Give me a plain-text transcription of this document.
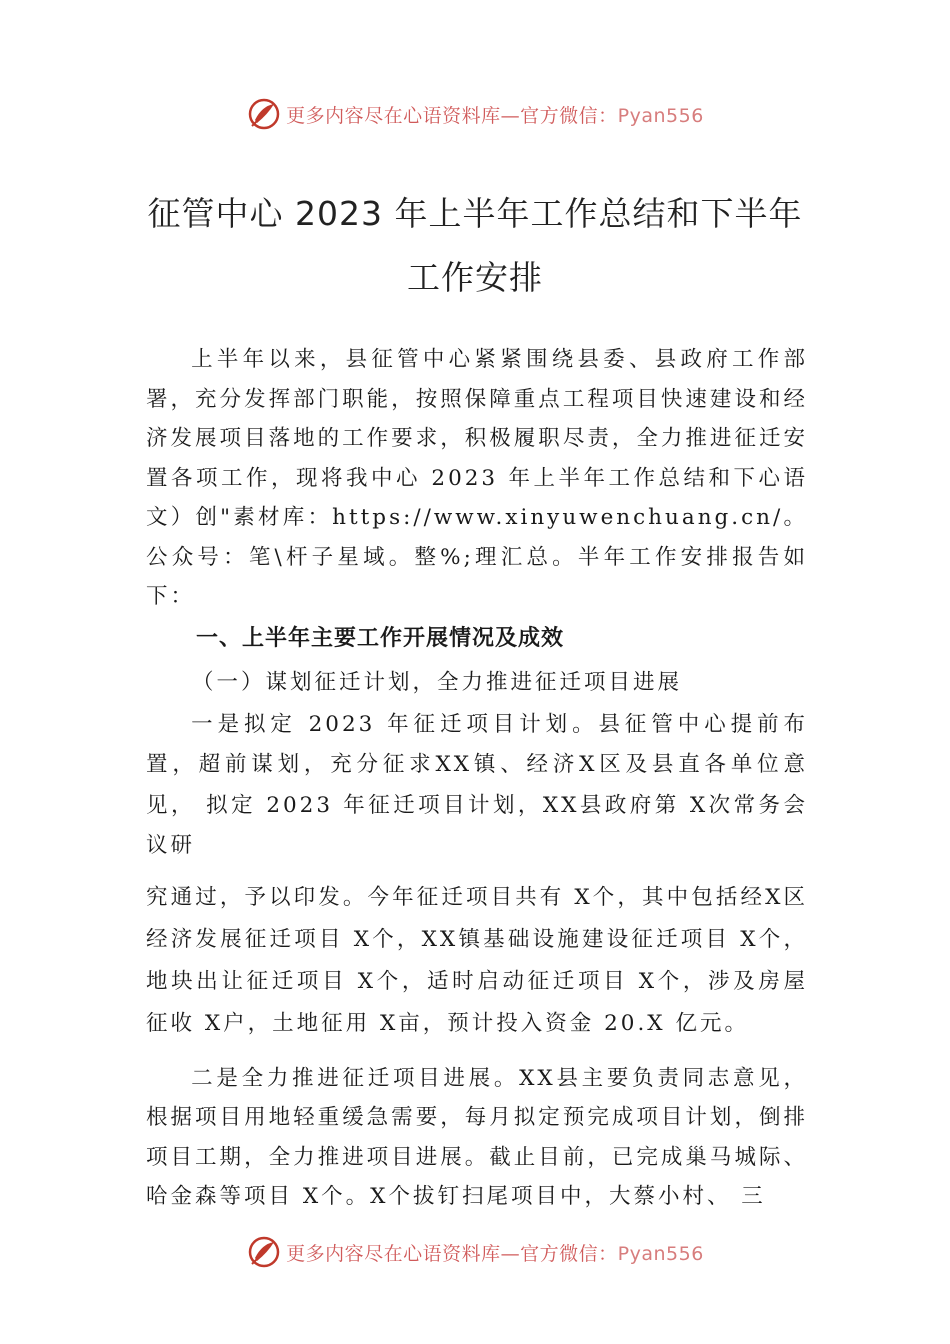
更多内容尽在心语资料库—官方微信：Pyan556
征管中心 2023 年上半年工作总结和下半年
工作安排

上半年以来，县征管中心紧紧围绕县委、县政府工作部署，充分发挥部门职能，按照保障重点工程项目快速建设和经济发展项目落地的工作要求，积极履职尽责，全力推进征迁安置各项工作，现将我中心 2023 年上半年工作总结和下心语文）创"素材库：https://www.xinyuwenchuang.cn/。公众号：笔\杆子星域。整%;理汇总。半年工作安排报告如下：

一、上半年主要工作开展情况及成效
（一）谋划征迁计划，全力推进征迁项目进展

一是拟定 2023 年征迁项目计划。县征管中心提前布置，超前谋划，充分征求XX镇、经济X区及县直各单位意见， 拟定 2023 年征迁项目计划，XX县政府第 X次常务会议研

究通过，予以印发。今年征迁项目共有 X个，其中包括经X区经济发展征迁项目 X个，XX镇基础设施建设征迁项目 X个，地块出让征迁项目 X个，适时启动征迁项目 X个，涉及房屋征收 X户，土地征用 X亩，预计投入资金 20.X 亿元。

二是全力推进征迁项目进展。XX县主要负责同志意见，根据项目用地轻重缓急需要，每月拟定预完成项目计划，倒排项目工期，全力推进项目进展。截止目前，已完成巢马城际、哈金森等项目 X个。X个拔钉扫尾项目中，大蔡小村、 三

更多内容尽在心语资料库—官方微信：Pyan556
